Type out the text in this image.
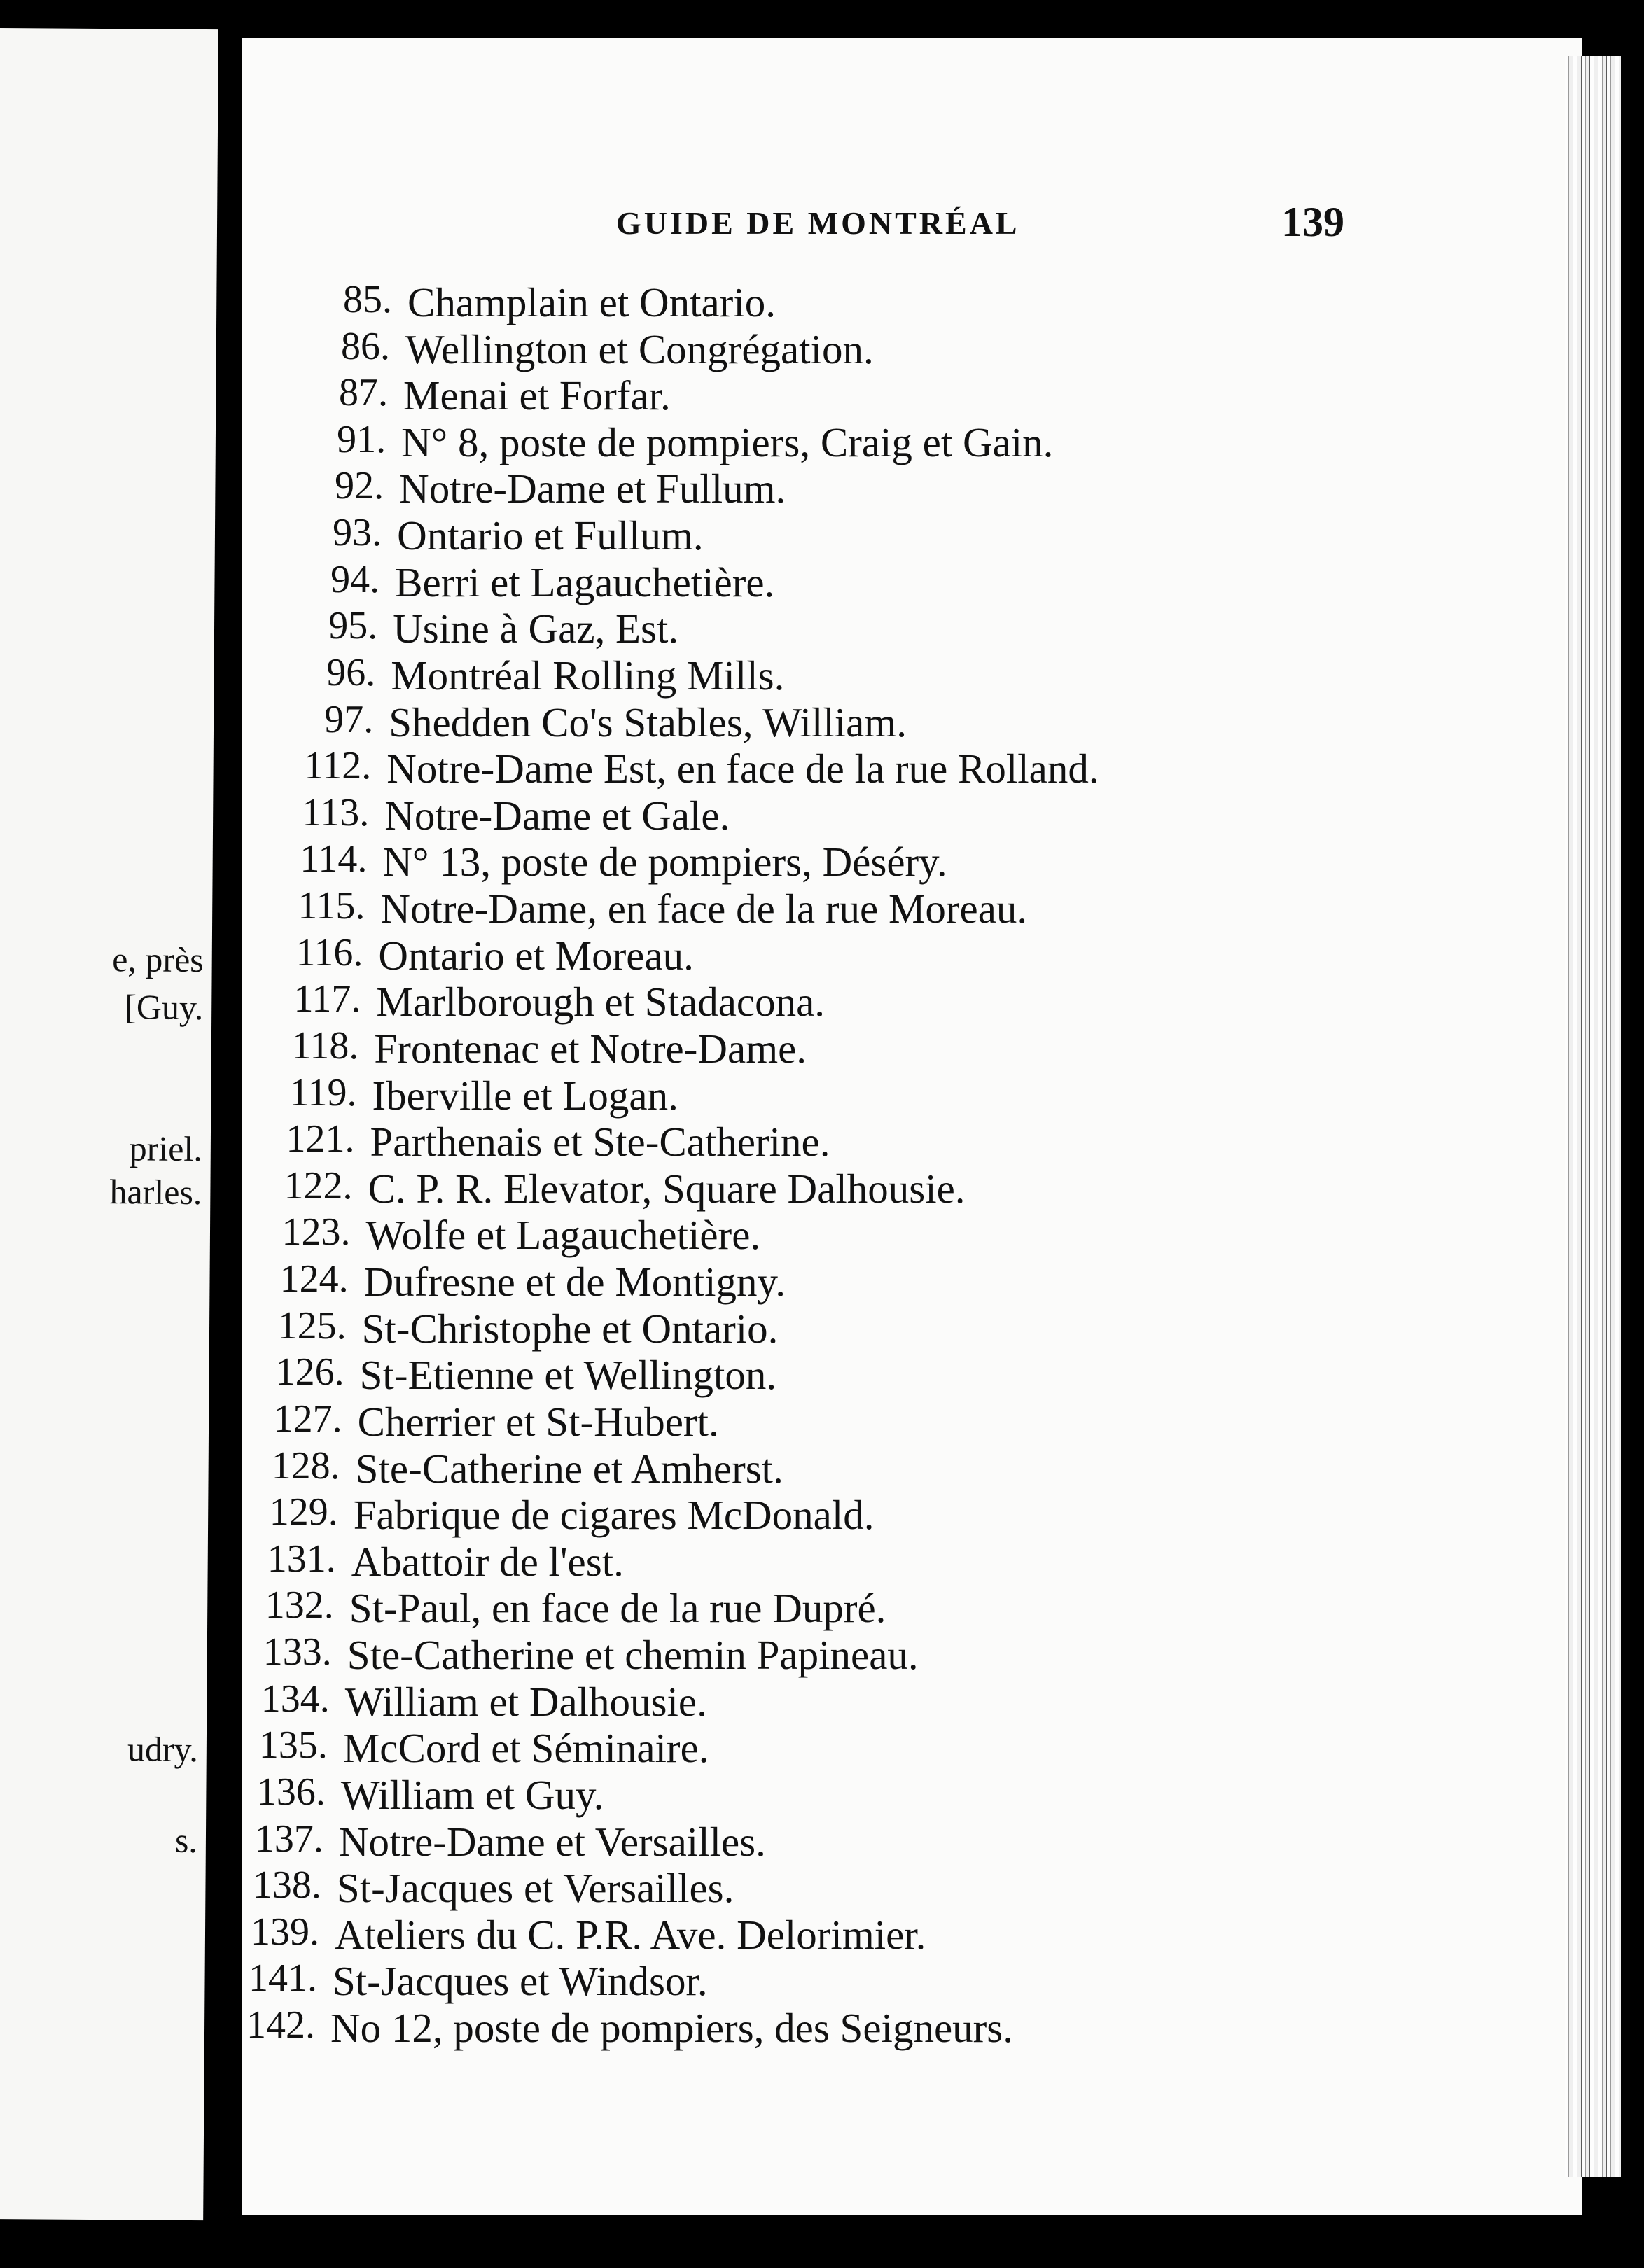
e, près
[Guy.
priel.
harles.
udry.
s.
GUIDE DE MONTRÉAL	139
85. Champlain et Ontario.
86. Wellington et Congrégation.
87. Menai et Forfar.
91. N° 8, poste de pompiers, Craig et Gain.
92. Notre-Dame et Fullum.
93. Ontario et Fullum.
94. Berri et Lagauchetière.
95. Usine à Gaz, Est.
96. Montréal Rolling Mills.
97. Shedden Co's Stables, William.
112. Notre-Dame Est, en face de la rue Rolland.
113. Notre-Dame et Gale.
114. N° 13, poste de pompiers, Déséry.
115. Notre-Dame, en face de la rue Moreau.
116. Ontario et Moreau.
117. Marlborough et Stadacona.
118. Frontenac et Notre-Dame.
119. Iberville et Logan.
121. Parthenais et Ste-Catherine.
122. C. P. R. Elevator, Square Dalhousie.
123. Wolfe et Lagauchetière.
124. Dufresne et de Montigny.
125. St-Christophe et Ontario.
126. St-Etienne et Wellington.
127. Cherrier et St-Hubert.
128. Ste-Catherine et Amherst.
129. Fabrique de cigares McDonald.
131. Abattoir de l'est.
132. St-Paul, en face de la rue Dupré.
133. Ste-Catherine et chemin Papineau.
134. William et Dalhousie.
135. McCord et Séminaire.
136. William et Guy.
137. Notre-Dame et Versailles.
138. St-Jacques et Versailles.
139. Ateliers du C. P.R. Ave. Delorimier.
141. St-Jacques et Windsor.
142. No 12, poste de pompiers, des Seigneurs.
